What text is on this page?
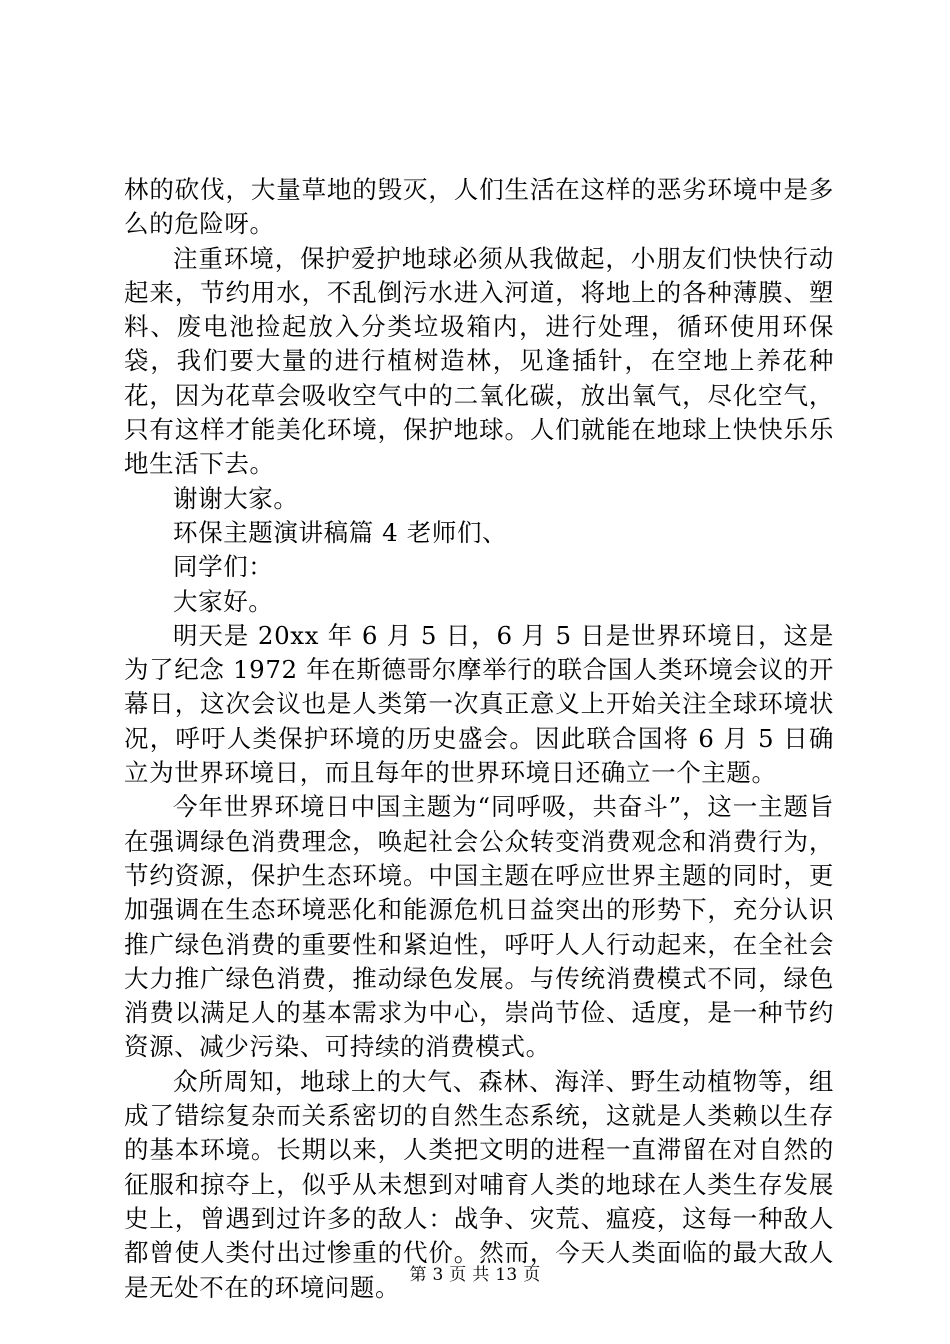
林的砍伐，大量草地的毁灭，人们生活在这样的恶劣环境中是多么的危险呀。

注重环境，保护爱护地球必须从我做起，小朋友们快快行动起来，节约用水，不乱倒污水进入河道，将地上的各种薄膜、塑料、废电池捡起放入分类垃圾箱内，进行处理，循环使用环保袋，我们要大量的进行植树造林，见逢插针，在空地上养花种花，因为花草会吸收空气中的二氧化碳，放出氧气，尽化空气，只有这样才能美化环境，保护地球。人们就能在地球上快快乐乐地生活下去。

谢谢大家。

环保主题演讲稿篇 4 老师们、

同学们：

大家好。

明天是 20xx 年 6 月 5 日，6 月 5 日是世界环境日，这是为了纪念 1972 年在斯德哥尔摩举行的联合国人类环境会议的开幕日，这次会议也是人类第一次真正意义上开始关注全球环境状况，呼吁人类保护环境的历史盛会。因此联合国将 6 月 5 日确立为世界环境日，而且每年的世界环境日还确立一个主题。

今年世界环境日中国主题为“同呼吸，共奋斗”，这一主题旨在强调绿色消费理念，唤起社会公众转变消费观念和消费行为，节约资源，保护生态环境。中国主题在呼应世界主题的同时，更加强调在生态环境恶化和能源危机日益突出的形势下，充分认识推广绿色消费的重要性和紧迫性，呼吁人人行动起来，在全社会大力推广绿色消费，推动绿色发展。与传统消费模式不同，绿色消费以满足人的基本需求为中心，崇尚节俭、适度，是一种节约资源、减少污染、可持续的消费模式。

众所周知，地球上的大气、森林、海洋、野生动植物等，组成了错综复杂而关系密切的自然生态系统，这就是人类赖以生存的基本环境。长期以来，人类把文明的进程一直滞留在对自然的征服和掠夺上，似乎从未想到对哺育人类的地球在人类生存发展史上，曾遇到过许多的敌人：战争、灾荒、瘟疫，这每一种敌人都曾使人类付出过惨重的代价。然而，今天人类面临的最大敌人是无处不在的环境问题。 第 3 页 共 13 页
